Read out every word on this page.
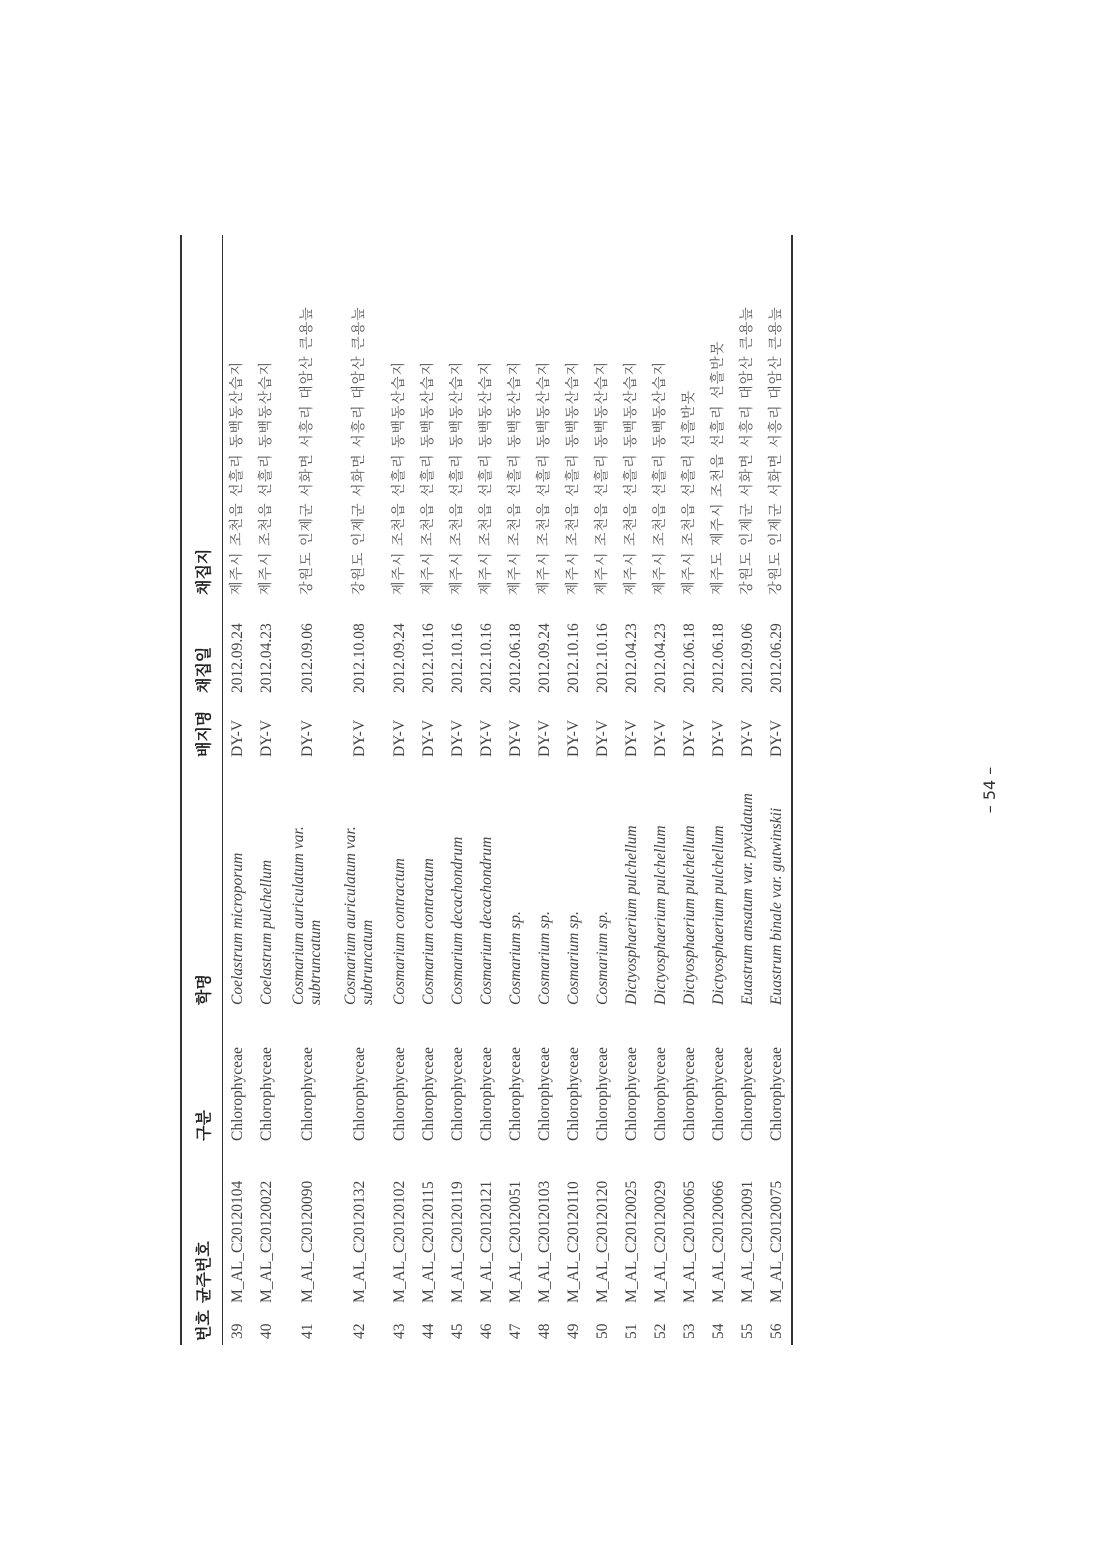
번호	균주번호	구분	학명	배지명	채집일	채집지
39	M_AL_C20120104	Chlorophyceae	Coelastrum microporum	DY-V	2012.09.24	제주시 조천읍 선흘리 동백동산습지
40	M_AL_C20120022	Chlorophyceae	Coelastrum pulchellum	DY-V	2012.04.23	제주시 조천읍 선흘리 동백동산습지
41	M_AL_C20120090	Chlorophyceae	Cosmarium auriculatum var. subtruncatum	DY-V	2012.09.06	강원도 인제군 서화면 서흥리 대암산 큰용늪
42	M_AL_C20120132	Chlorophyceae	Cosmarium auriculatum var. subtruncatum	DY-V	2012.10.08	강원도 인제군 서화면 서흥리 대암산 큰용늪
43	M_AL_C20120102	Chlorophyceae	Cosmarium contractum	DY-V	2012.09.24	제주시 조천읍 선흘리 동백동산습지
44	M_AL_C20120115	Chlorophyceae	Cosmarium contractum	DY-V	2012.10.16	제주시 조천읍 선흘리 동백동산습지
45	M_AL_C20120119	Chlorophyceae	Cosmarium decachondrum	DY-V	2012.10.16	제주시 조천읍 선흘리 동백동산습지
46	M_AL_C20120121	Chlorophyceae	Cosmarium decachondrum	DY-V	2012.10.16	제주시 조천읍 선흘리 동백동산습지
47	M_AL_C20120051	Chlorophyceae	Cosmarium sp.	DY-V	2012.06.18	제주시 조천읍 선흘리 동백동산습지
48	M_AL_C20120103	Chlorophyceae	Cosmarium sp.	DY-V	2012.09.24	제주시 조천읍 선흘리 동백동산습지
49	M_AL_C20120110	Chlorophyceae	Cosmarium sp.	DY-V	2012.10.16	제주시 조천읍 선흘리 동백동산습지
50	M_AL_C20120120	Chlorophyceae	Cosmarium sp.	DY-V	2012.10.16	제주시 조천읍 선흘리 동백동산습지
51	M_AL_C20120025	Chlorophyceae	Dictyosphaerium pulchellum	DY-V	2012.04.23	제주시 조천읍 선흘리 동백동산습지
52	M_AL_C20120029	Chlorophyceae	Dictyosphaerium pulchellum	DY-V	2012.04.23	제주시 조천읍 선흘리 동백동산습지
53	M_AL_C20120065	Chlorophyceae	Dictyosphaerium pulchellum	DY-V	2012.06.18	제주시 조천읍 선흘리 선흘반못
54	M_AL_C20120066	Chlorophyceae	Dictyosphaerium pulchellum	DY-V	2012.06.18	제주도 제주시 조천읍 선흘리 선흘반못
55	M_AL_C20120091	Chlorophyceae	Euastrum ansatum var. pyxidatum	DY-V	2012.09.06	강원도 인제군 서화면 서흥리 대암산 큰용늪
56	M_AL_C20120075	Chlorophyceae	Euastrum binale var. gutwinskii	DY-V	2012.06.29	강원도 인제군 서화면 서흥리 대암산 큰용늪
– 54 –
